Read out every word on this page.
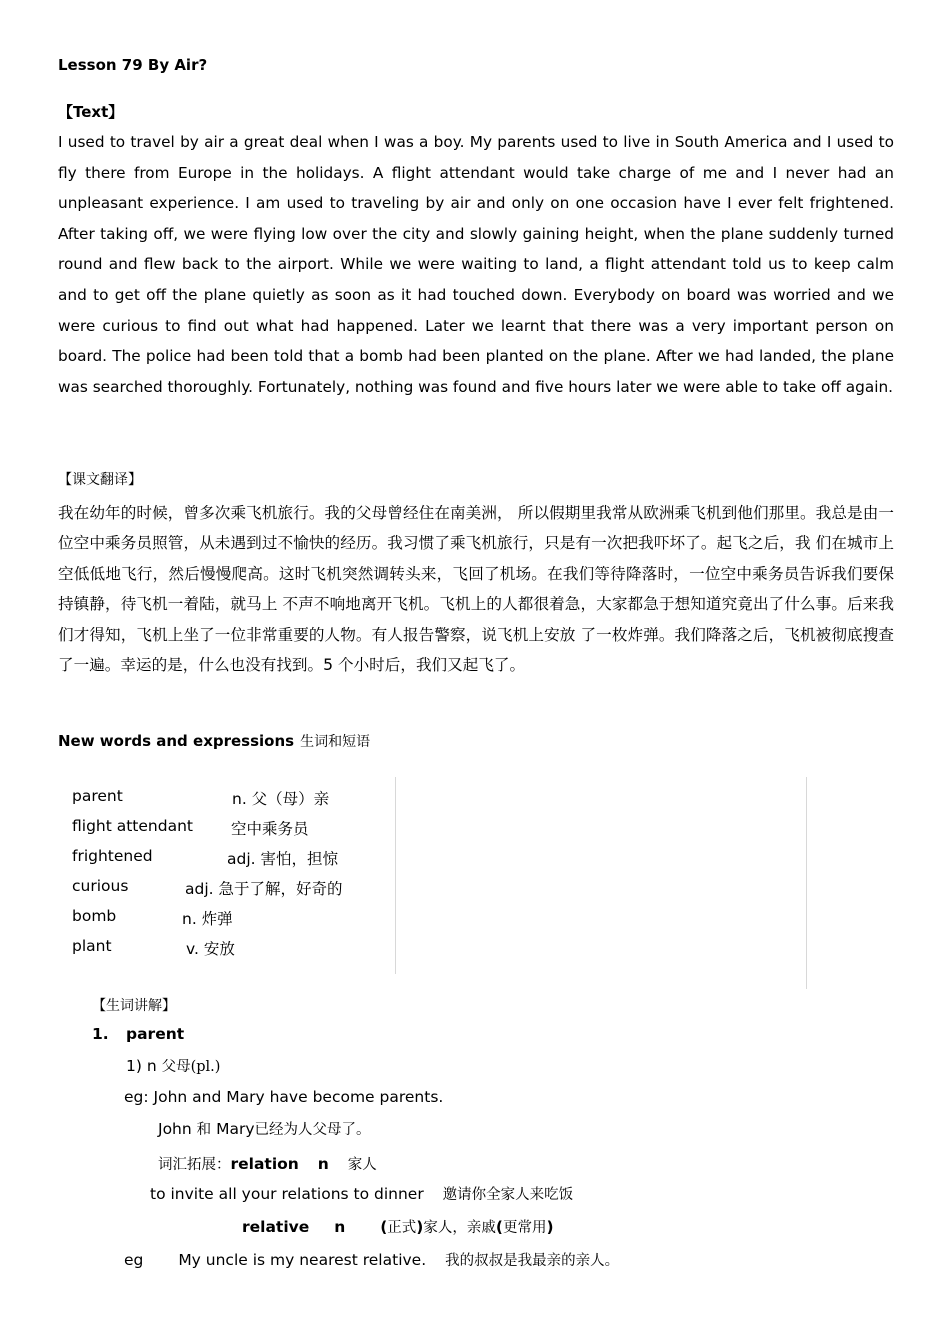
Lesson 79 By Air?
【Text】
I used to travel by air a great deal when I was a boy. My parents used to live in South America and I used to fly there from Europe in the holidays. A flight attendant would take charge of me and I never had an unpleasant experience. I am used to traveling by air and only on one occasion have I ever felt frightened. After taking off, we were flying low over the city and slowly gaining height, when the plane suddenly turned round and flew back to the airport. While we were waiting to land, a flight attendant told us to keep calm and to get off the plane quietly as soon as it had touched down. Everybody on board was worried and we were curious to find out what had happened. Later we learnt that there was a very important person on board. The police had been told that a bomb had been planted on the plane. After we had landed, the plane was searched thoroughly. Fortunately, nothing was found and five hours later we were able to take off again.
【课文翻译】
我在幼年的时候，曾多次乘飞机旅行。我的父母曾经住在南美洲， 所以假期里我常从欧洲乘飞机到他们那里。我总是由一位空中乘务员照管，从未遇到过不愉快的经历。我习惯了乘飞机旅行，只是有一次把我吓坏了。起飞之后，我 们在城市上空低低地飞行，然后慢慢爬高。这时飞机突然调转头来，飞回了机场。在我们等待降落时，一位空中乘务员告诉我们要保持镇静，待飞机一着陆，就马上 不声不响地离开飞机。飞机上的人都很着急，大家都急于想知道究竟出了什么事。后来我们才得知，飞机上坐了一位非常重要的人物。有人报告警察，说飞机上安放 了一枚炸弹。我们降落之后，飞机被彻底搜查了一遍。幸运的是，什么也没有找到。5 个小时后，我们又起飞了。
New words and expressions 生词和短语
parent	n. 父（母）亲
flight attendant 空中乘务员
frightened	adj. 害怕，担惊
curious	adj. 急于了解，好奇的
bomb	n. 炸弹
plant	v. 安放
【生词讲解】
1. parent
1) n 父母(pl.)
eg: John and Mary have become parents.
John 和 Mary已经为人父母了。
词汇拓展：relation n 家人
to invite all your relations to dinner 邀请你全家人来吃饭
relative n (正式)家人，亲戚(更常用)
eg My uncle is my nearest relative. 我的叔叔是我最亲的亲人。
